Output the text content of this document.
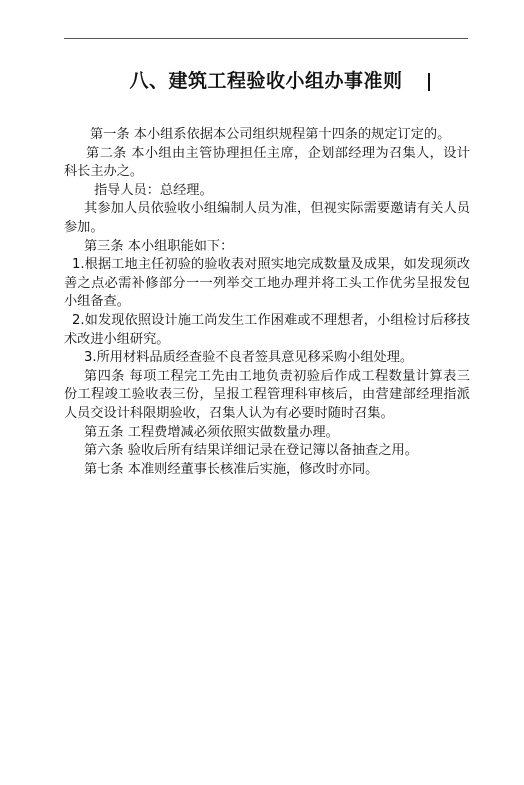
八、建筑工程验收小组办事准则

第一条 本小组系依据本公司组织规程第十四条的规定订定的。

第二条 本小组由主管协理担任主席，企划部经理为召集人，设计科长主办之。

指导人员：总经理。

其参加人员依验收小组编制人员为准，但视实际需要邀请有关人员参加。

第三条 本小组职能如下：

1.根据工地主任初验的验收表对照实地完成数量及成果，如发现须改善之点必需补修部分一一列举交工地办理并将工头工作优劣呈报发包小组备查。

2.如发现依照设计施工尚发生工作困难或不理想者，小组检讨后移技术改进小组研究。

3.所用材料品质经查验不良者签具意见移采购小组处理。

第四条 每项工程完工先由工地负责初验后作成工程数量计算表三份工程竣工验收表三份，呈报工程管理科审核后，由营建部经理指派人员交设计科限期验收，召集人认为有必要时随时召集。

第五条 工程费增减必须依照实做数量办理。

第六条 验收后所有结果详细记录在登记簿以备抽查之用。

第七条 本准则经董事长核准后实施，修改时亦同。
